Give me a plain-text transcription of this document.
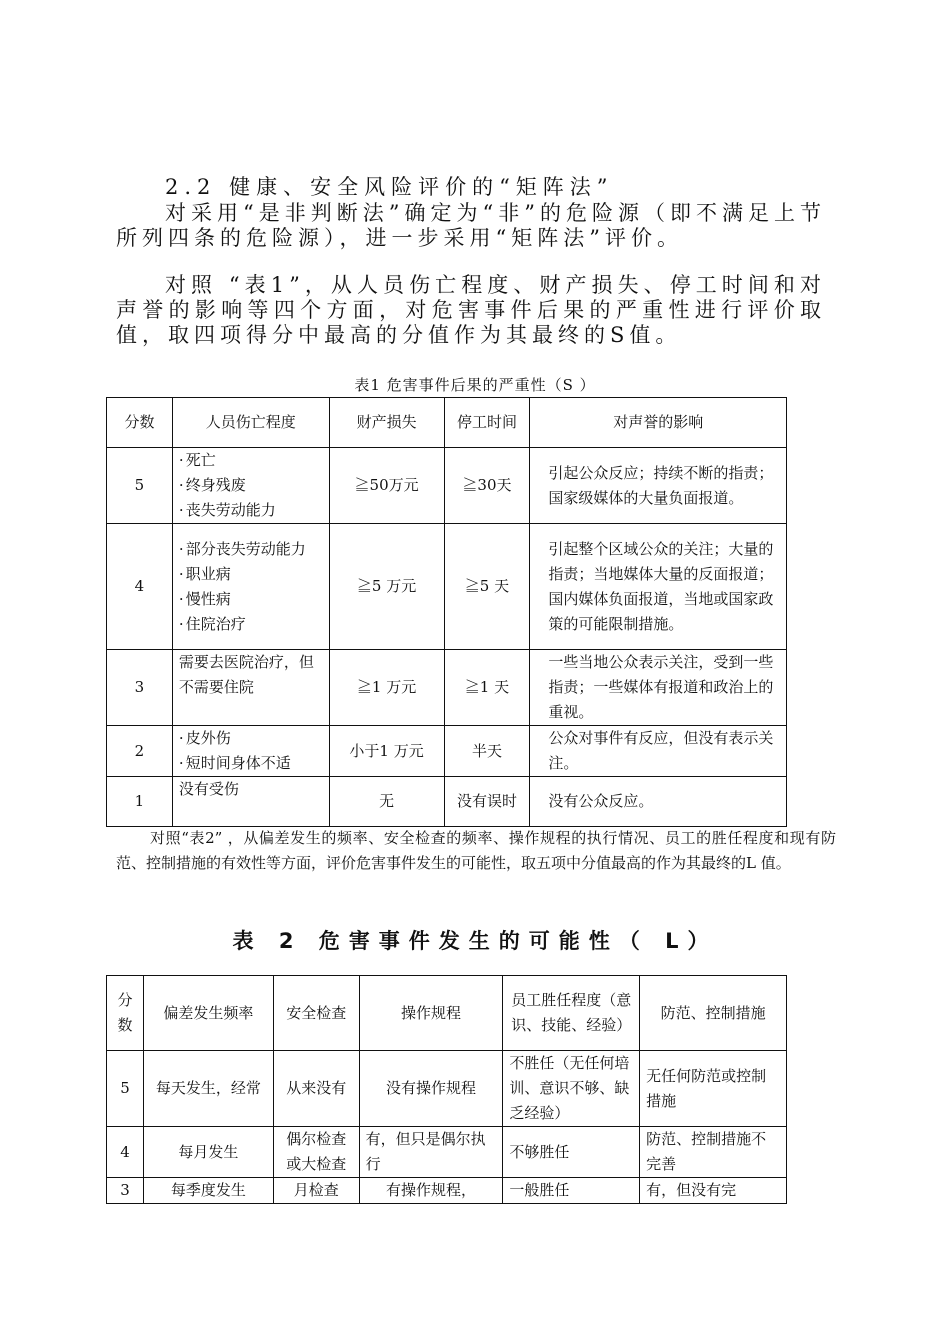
2.2 健康、安全风险评价的“矩阵法”
对采用“是非判断法”确定为“非”的危险源（即不满足上节所列四条的危险源），进一步采用“矩阵法”评价。
对照 “表1”，从人员伤亡程度、财产损失、停工时间和对声誉的影响等四个方面，对危害事件后果的严重性进行评价取值，取四项得分中最高的分值作为其最终的S值。
表1 危害事件后果的严重性（S ）
分数	人员伤亡程度	财产损失	停工时间	对声誉的影响
5	· 死亡
· 终身残废
· 丧失劳动能力	≧50万元	≧30天	引起公众反应；持续不断的指责；国家级媒体的大量负面报道。
4	· 部分丧失劳动能力
· 职业病
· 慢性病
· 住院治疗	≧5 万元	≧5 天	引起整个区域公众的关注；大量的指责；当地媒体大量的反面报道；国内媒体负面报道，当地或国家政策的可能限制措施。
3	需要去医院治疗，但不需要住院	≧1 万元	≧1 天	一些当地公众表示关注，受到一些指责；一些媒体有报道和政治上的重视。
2	· 皮外伤
· 短时间身体不适	小于1 万元	半天	公众对事件有反应，但没有表示关注。
1	没有受伤	无	没有误时	没有公众反应。
对照“表2” ，从偏差发生的频率、安全检查的频率、操作规程的执行情况、员工的胜任程度和现有防范、控制措施的有效性等方面，评价危害事件发生的可能性，取五项中分值最高的作为其最终的L 值。
表 2 危害事件发生的可能性（ L）
分数	偏差发生频率	安全检查	操作规程	员工胜任程度（意识、技能、经验）	防范、控制措施
5	每天发生，经常	从来没有	没有操作规程	不胜任（无任何培训、意识不够、缺乏经验）	无任何防范或控制措施
4	每月发生	偶尔检查或大检查	有，但只是偶尔执行	不够胜任	防范、控制措施不完善
3	每季度发生	月检查	有操作规程，	一般胜任	有，但没有完
